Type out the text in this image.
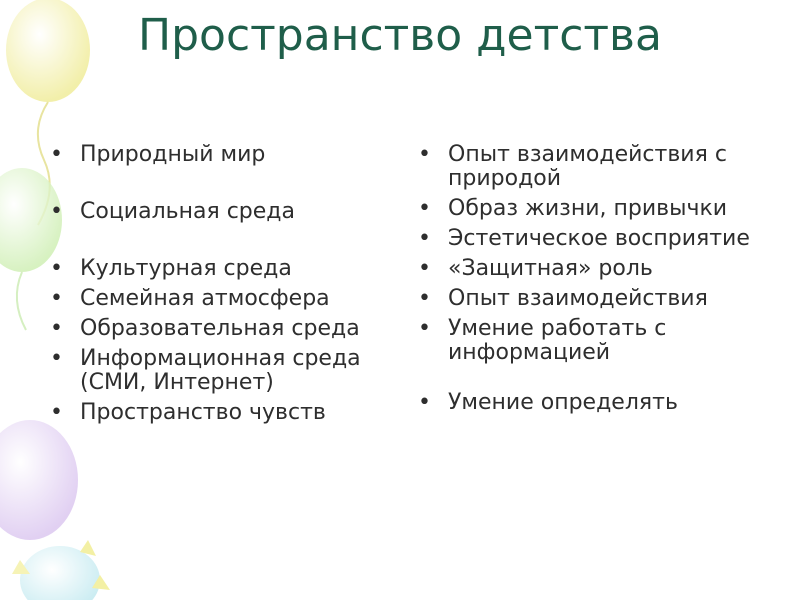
Пространство детства
• Природный мир
• Социальная среда
• Культурная среда
• Семейная атмосфера
• Образовательная среда
• Информационная среда (СМИ, Интернет)
• Пространство чувств
• Опыт взаимодействия с природой
• Образ жизни, привычки
• Эстетическое восприятие
• «Защитная» роль
• Опыт взаимодействия
• Умение работать с информацией
• Умение определять
